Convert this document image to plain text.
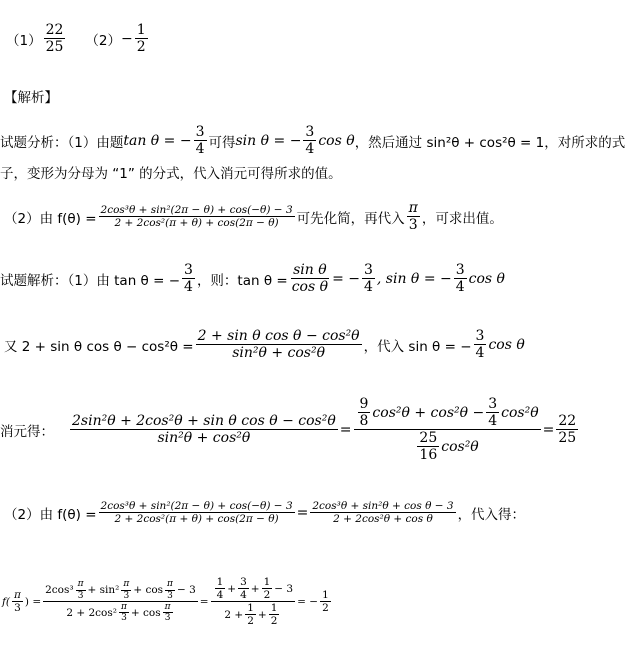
$(1) \frac{22}{25} (2) - \frac{1}{2}$
【解析】
试题分析：（1）由题 tan θ = − $\frac{3}{4}$ 可得 sin θ = − $\frac{3}{4}$ cos θ ，然后通过 sin²θ + cos²θ = 1，对所求的式
子，变形为分母为 “1” 的分式，代入消元可得所求的值。
（2）由 $f(\theta) = \frac{\text{2cos³θ + sin²(2π − θ) + cos(−θ) − 3}}{\text{2 + 2cos²(π + θ) + cos(2π − θ)}}$ 可先化简，再代入 $\frac{\pi}{3}$ ，可求出值。
试题解析：（1）由 tan θ = − $\frac{3}{4}$ ，则：$\tan \theta = \frac{\text{sin θ}}{\text{cos θ}}$ = − $\frac{3}{4}$ , sin θ = − $\frac{3}{4}$ cos θ
又 2 + sin θ $\cos \theta - \cos^2\theta = \frac{\text{2 + sin θ cos θ − cos²θ}}{\text{sin²θ + cos²θ}}$ ，代入 sin θ = − $\frac{3}{4}$ cos θ
消元得： $\frac{\text{2sin²θ + 2cos²θ + sin θ cos θ − cos²θ}}{\text{sin²θ + cos²θ}}$ =
$\frac{9}{8} \cos^2\theta + \cos^2\theta - \frac{3}{4} \cos^2\theta$
$\frac{25}{16} \cos^2\theta$
= $\frac{22}{25}$
（2）由 $f(\theta) = \frac{\text{2cos³θ + sin²(2π − θ) + cos(−θ) − 3}}{\text{2 + 2cos²(π + θ) + cos(2π − θ)}} = \frac{\text{2cos³θ + sin²θ + cos θ − 3}}{\text{2 + 2cos²θ + cos θ}}$ ，代入得：
$f( \frac{\pi}{3}$ ) =
$2\cos^3 \frac{\pi}{3} + \sin^2 \frac{\pi}{3} + \cos \frac{\pi}{3} - 3$
$2 + 2\cos^2 \frac{\pi}{3} + \cos \frac{\pi}{3}$
= $\frac{\frac{1}{4} + \frac{3}{4} + \frac{1}{2} - 3}{2 + \frac{1}{2} + \frac{1}{2}}$ = − $\frac{1}{2}$
